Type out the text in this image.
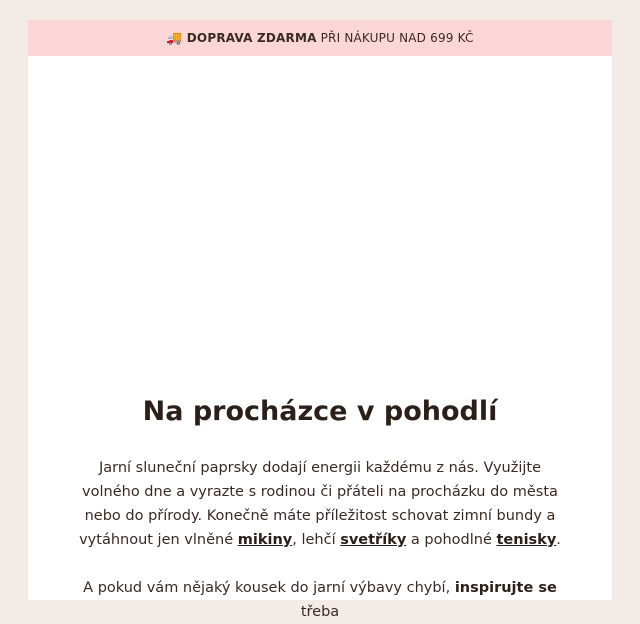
🚚 DOPRAVA ZDARMA PŘI NÁKUPU NAD 699 KČ
Na procházce v pohodlí
Jarní sluneční paprsky dodají energii každému z nás. Využijte volného dne a vyrazte s rodinou či přáteli na procházku do města nebo do přírody. Konečně máte příležitost schovat zimní bundy a vytáhnout jen vlněné mikiny, lehčí svetříky a pohodlné tenisky.
A pokud vám nějaký kousek do jarní výbavy chybí, inspirujte se třeba
